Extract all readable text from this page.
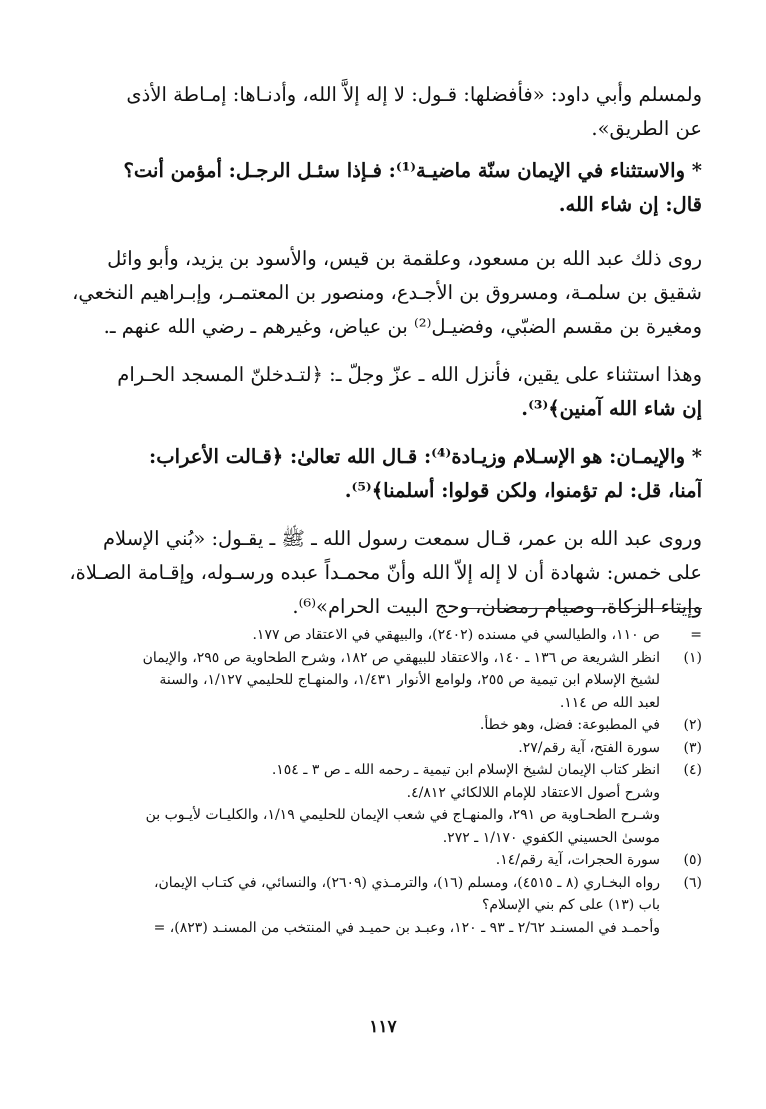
ولمسلم وأبي داود: «فأفضلها: قـول: لا إله إلاَّ الله، وأدنـاها: إمـاطة الأذى
عن الطريق».
* والاستثناء في الإيمان سنّة ماضيـة⁽¹⁾: فـإذا سئـل الرجـل: أمؤمن أنت؟
قال: إن شاء الله.
روى ذلك عبد الله بن مسعود، وعلقمة بن قيس، والأسود بن يزيد، وأبو وائل
شقيق بن سلمـة، ومسروق بن الأجـدع، ومنصور بن المعتمـر، وإبـراهيم النخعي،
ومغيرة بن مقسم الضبّي، وفضيـل⁽²⁾ بن عياض، وغيرهم ـ رضي الله عنهم ـ.
وهذا استثناء على يقين، فأنزل الله ـ عزّ وجلّ ـ: ﴿لتـدخلنّ المسجد الحـرام
إن شاء الله آمنين﴾⁽³⁾.
* والإيمـان: هو الإسـلام وزيـادة⁽⁴⁾: قـال الله تعالىٰ: ﴿قـالت الأعراب:
آمنا، قل: لم تؤمنوا، ولكن قولوا: أسلمنا﴾⁽⁵⁾.
وروى عبد الله بن عمر، قـال سمعت رسول الله ـ ﷺ ـ يقـول: «بُني الإسلام
على خمس: شهادة أن لا إله إلاّ الله وأنّ محمـداً عبده ورسـوله، وإقـامة الصـلاة،
وإيتاء الزكاة، وصيام رمضان، وحج البيت الحرام»⁽⁶⁾.
=
ص ١١٠، والطيالسي في مسنده (٢٤٠٢)، والبيهقي في الاعتقاد ص ١٧٧.
(١)
انظر الشريعة ص ١٣٦ ـ ١٤٠، والاعتقاد للبيهقي ص ١٨٢، وشرح الطحاوية ص ٢٩٥، والإيمان
لشيخ الإسلام ابن تيمية ص ٢٥٥، ولوامع الأنوار ١/٤٣١، والمنهـاج للحليمي ١/١٢٧، والسنة
لعبد الله ص ١١٤.
(٢)
في المطبوعة: فضل، وهو خطأ.
(٣)
سورة الفتح، آية رقم/٢٧.
(٤)
انظر كتاب الإيمان لشيخ الإسلام ابن تيمية ـ رحمه الله ـ ص ٣ ـ ١٥٤.
وشرح أصول الاعتقاد للإمام اللالكائي ٤/٨١٢.
وشـرح الطحـاوية ص ٢٩١، والمنهـاج في شعب الإيمان للحليمي ١/١٩، والكليـات لأيـوب بن
موسىٰ الحسيني الكفوي ١/١٧٠ ـ ٢٧٢.
(٥)
سورة الحجرات، آية رقم/١٤.
(٦)
رواه البخـاري (٨ ـ ٤٥١٥)، ومسلم (١٦)، والترمـذي (٢٦٠٩)، والنسائي، في كتـاب الإيمان،
باب (١٣) على كم بني الإسلام؟
وأحمـد في المسنـد ٢/٦٢ ـ ٩٣ ـ ١٢٠، وعبـد بن حميـد في المنتخب من المسنـد (٨٢٣)، =
١١٧
